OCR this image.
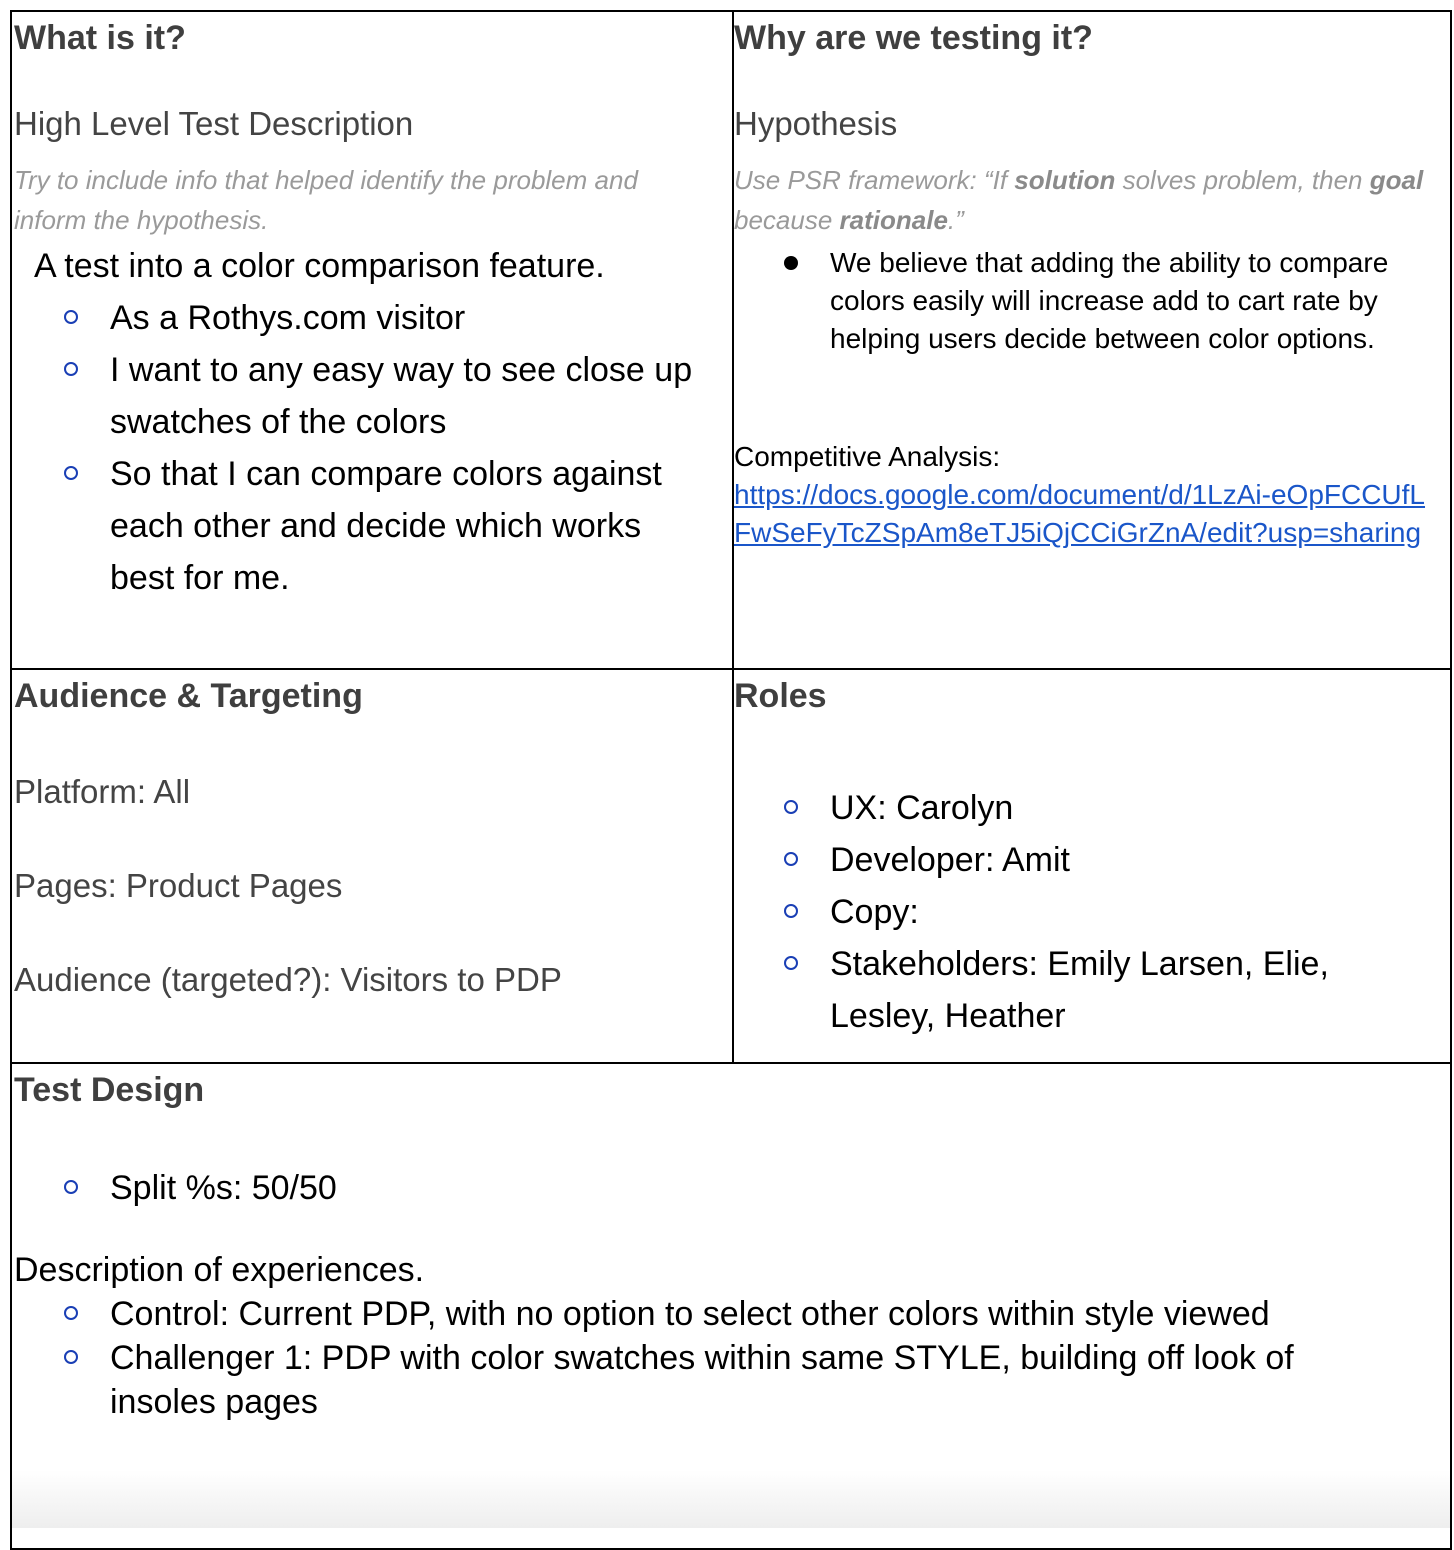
What is it?

High Level Test Description

Try to include info that helped identify the problem and inform the hypothesis.

A test into a color comparison feature.

As a Rothys.com visitor
I want to any easy way to see close up swatches of the colors
So that I can compare colors against each other and decide which works best for me.

Why are we testing it?

Hypothesis

Use PSR framework: “If solution solves problem, then goal because rationale.”

We believe that adding the ability to compare colors easily will increase add to cart rate by helping users decide between color options.

Competitive Analysis:

https://docs.google.com/document/d/1LzAi-eOpFCCUfLFwSeFyTcZSpAm8eTJ5iQjCCiGrZnA/edit?usp=sharing

Audience & Targeting

Platform: All

Pages: Product Pages

Audience (targeted?): Visitors to PDP

Roles

UX: Carolyn
Developer: Amit
Copy:
Stakeholders: Emily Larsen, Elie, Lesley, Heather

Test Design

Split %s: 50/50

Description of experiences.

Control: Current PDP, with no option to select other colors within style viewed
Challenger 1: PDP with color swatches within same STYLE, building off look of insoles pages
